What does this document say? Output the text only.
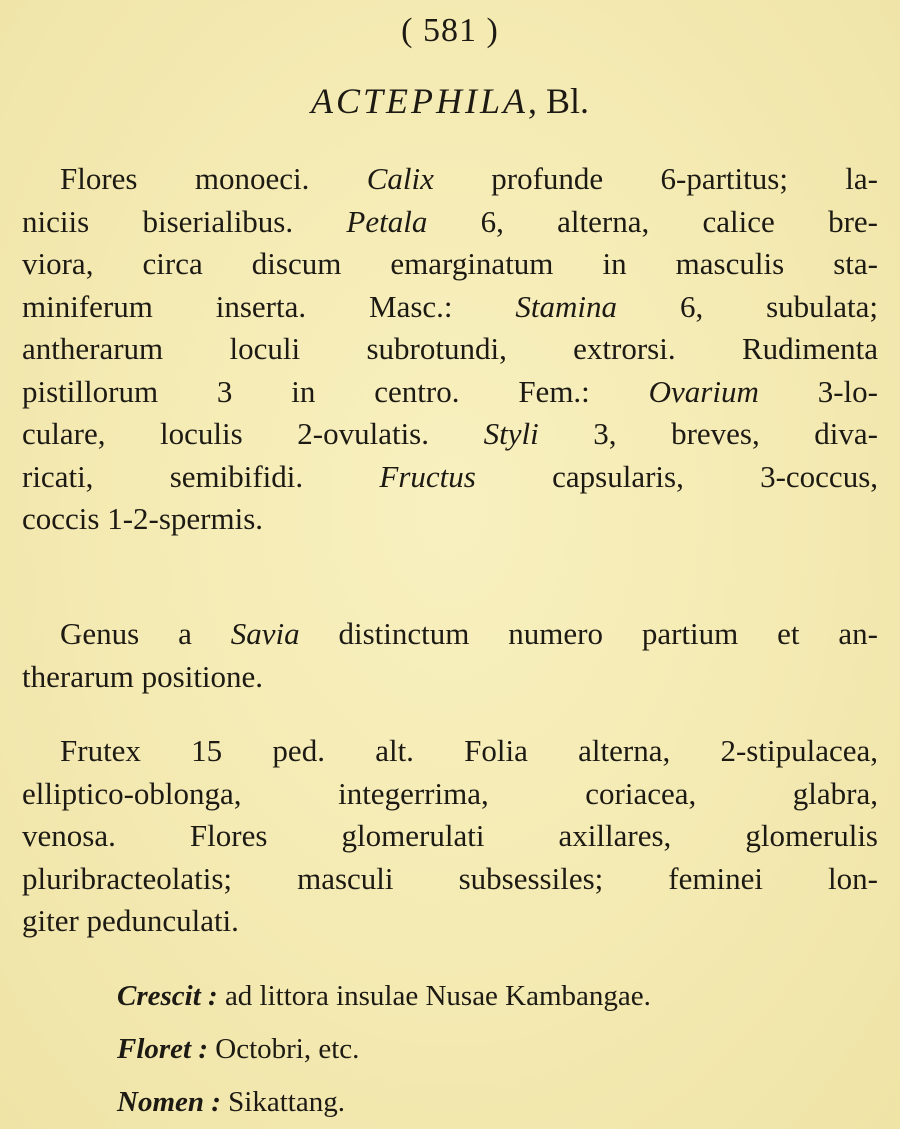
( 581 )
ACTEPHILA, Bl.

Flores monoeci. Calix profunde 6-partitus; la-
niciis biserialibus. Petala 6, alterna, calice bre-
viora, circa discum emarginatum in masculis sta-
miniferum inserta. Masc.: Stamina 6, subulata;
antherarum loculi subrotundi, extrorsi. Rudimenta
pistillorum 3 in centro. Fem.: Ovarium 3-lo-
culare, loculis 2-ovulatis. Styli 3, breves, diva-
ricati, semibifidi. Fructus capsularis, 3-coccus,
coccis 1-2-spermis.

Genus a Savia distinctum numero partium et an-
therarum positione.

Frutex 15 ped. alt. Folia alterna, 2-stipulacea,
elliptico-oblonga, integerrima, coriacea, glabra,
venosa. Flores glomerulati axillares, glomerulis
pluribracteolatis; masculi subsessiles; feminei lon-
giter pedunculati.

Crescit : ad littora insulae Nusae Kambangae.
Floret : Octobri, etc.
Nomen : Sikattang.
